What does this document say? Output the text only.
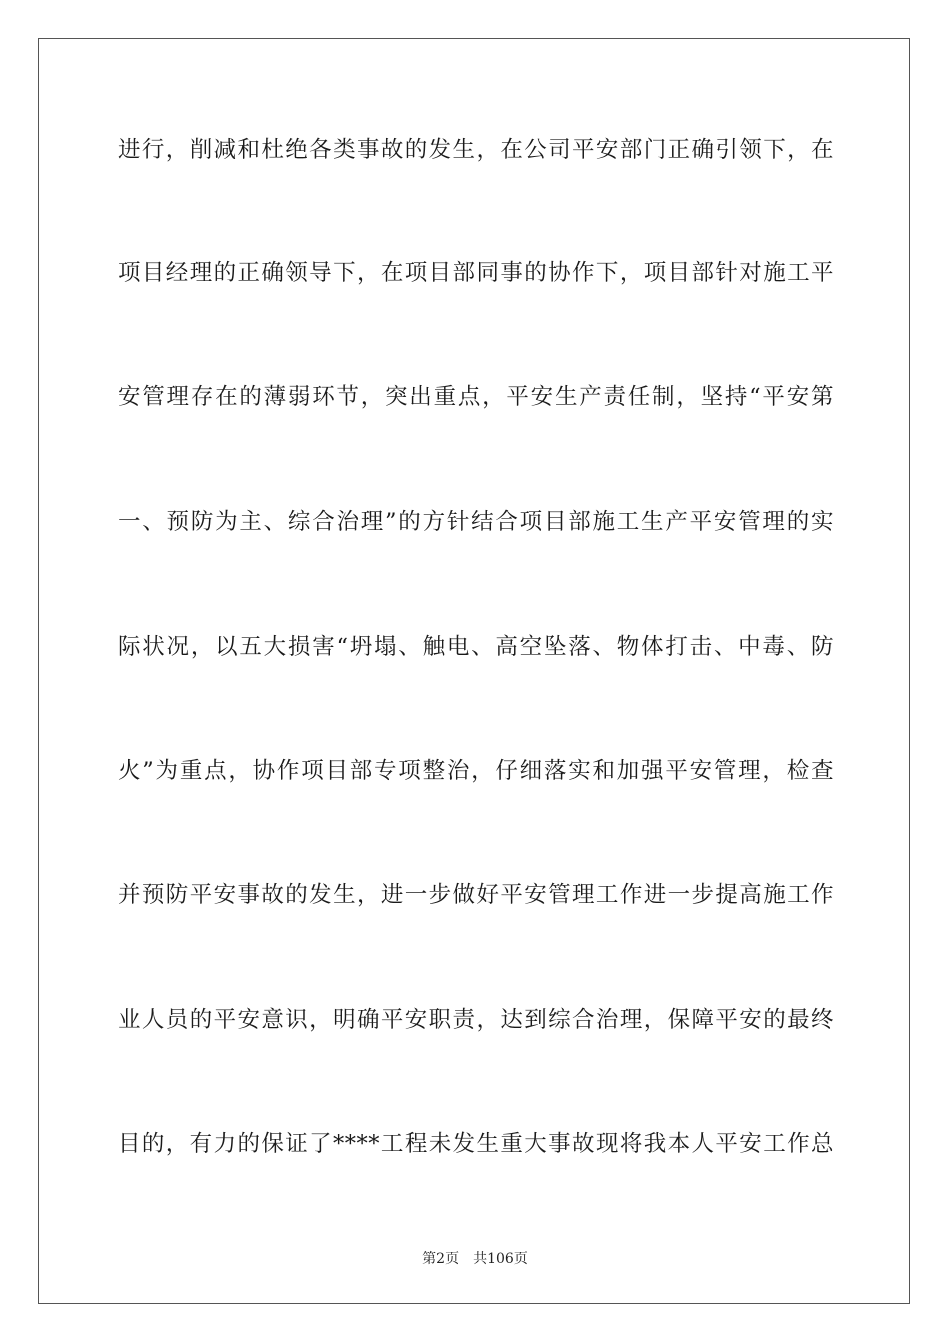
进行，削减和杜绝各类事故的发生，在公司平安部门正确引领下，在
项目经理的正确领导下，在项目部同事的协作下，项目部针对施工平
安管理存在的薄弱环节，突出重点，平安生产责任制，坚持“平安第
一、预防为主、综合治理”的方针结合项目部施工生产平安管理的实
际状况，以五大损害“坍塌、触电、高空坠落、物体打击、中毒、防
火”为重点，协作项目部专项整治，仔细落实和加强平安管理，检查
并预防平安事故的发生，进一步做好平安管理工作进一步提高施工作
业人员的平安意识，明确平安职责，达到综合治理，保障平安的最终
目的，有力的保证了****工程未发生重大事故现将我本人平安工作总
第2页 共106页
